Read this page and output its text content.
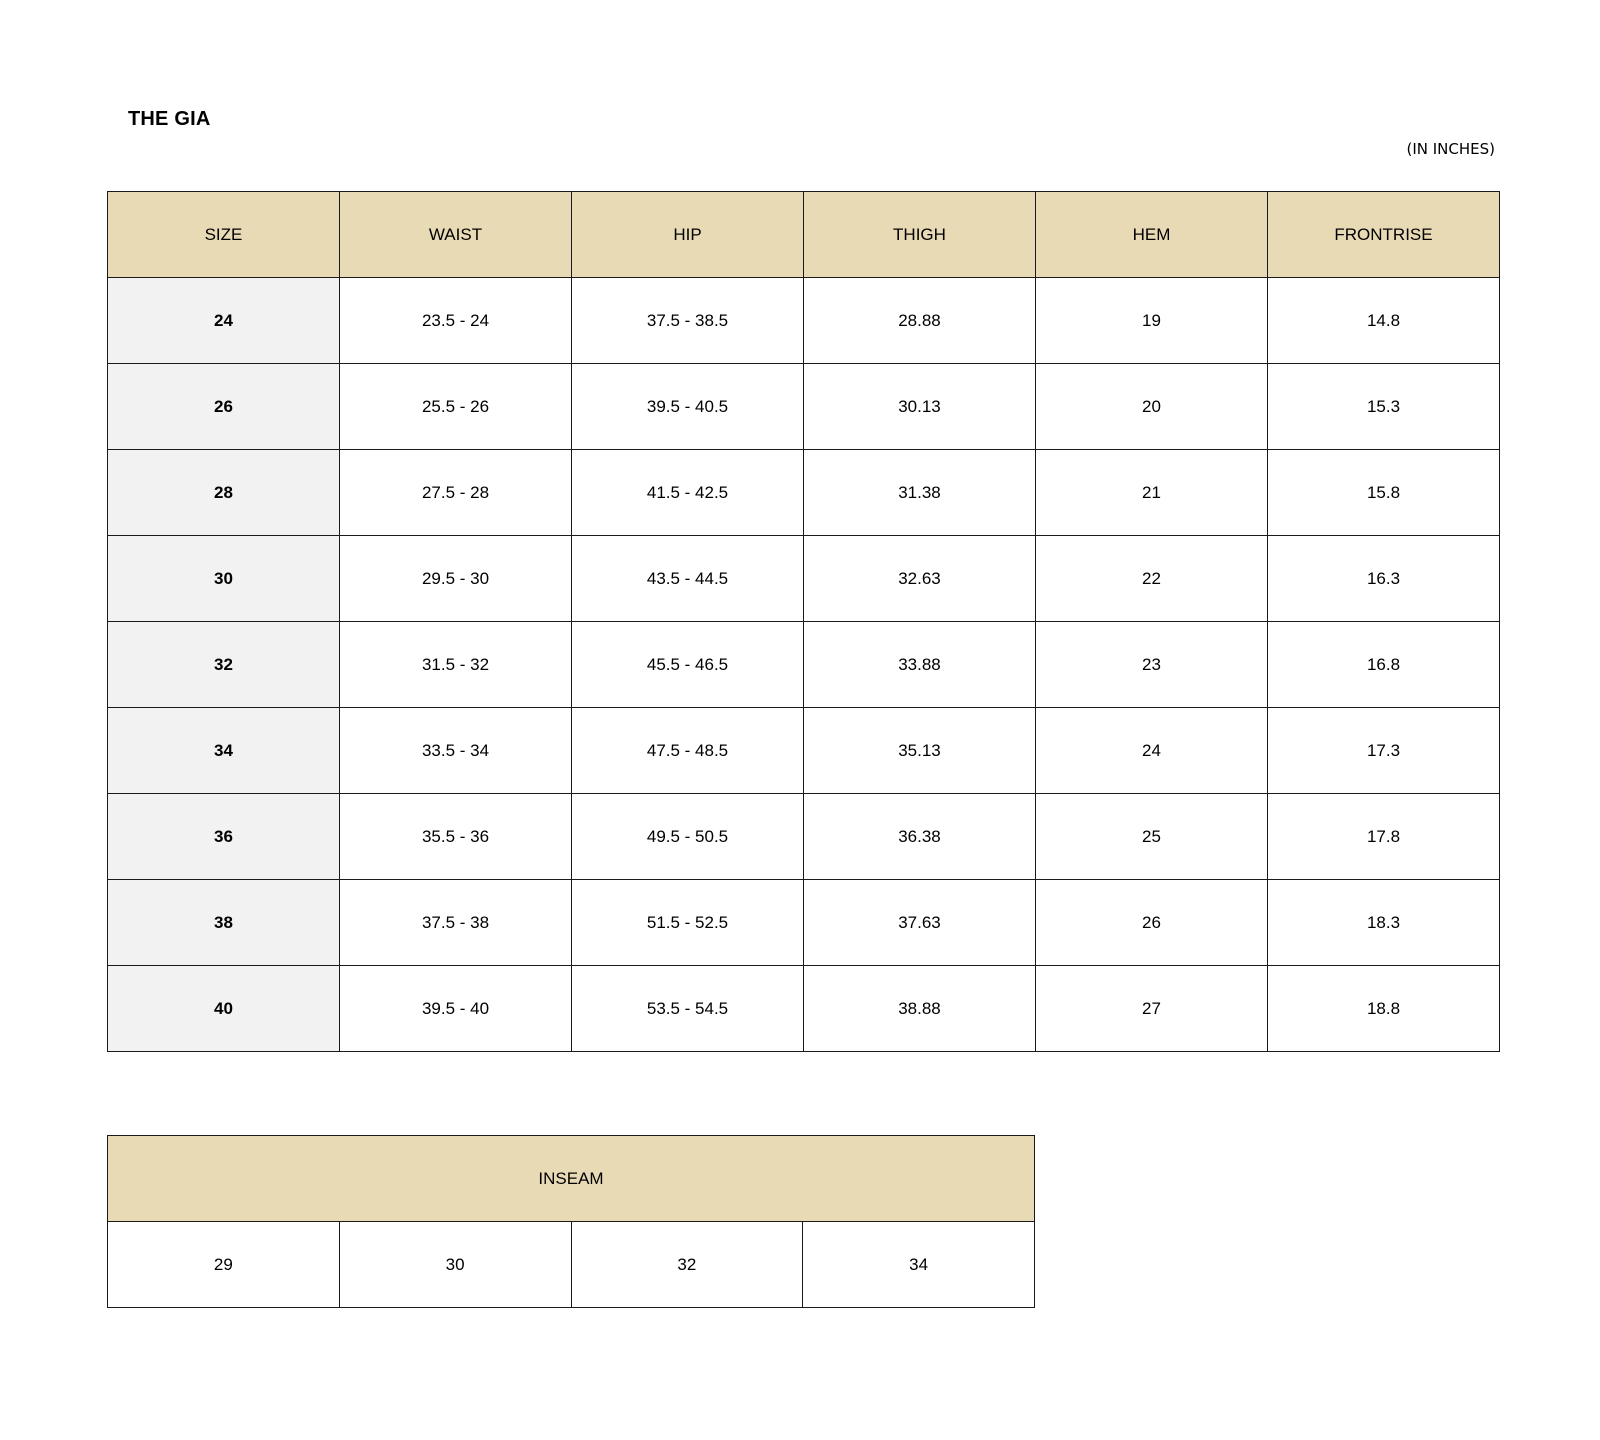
THE GIA
(IN INCHES)
SIZE	WAIST	HIP	THIGH	HEM	FRONTRISE
24	23.5 - 24	37.5 - 38.5	28.88	19	14.8
26	25.5 - 26	39.5 - 40.5	30.13	20	15.3
28	27.5 - 28	41.5 - 42.5	31.38	21	15.8
30	29.5 - 30	43.5 - 44.5	32.63	22	16.3
32	31.5 - 32	45.5 - 46.5	33.88	23	16.8
34	33.5 - 34	47.5 - 48.5	35.13	24	17.3
36	35.5 - 36	49.5 - 50.5	36.38	25	17.8
38	37.5 - 38	51.5 - 52.5	37.63	26	18.3
40	39.5 - 40	53.5 - 54.5	38.88	27	18.8
INSEAM
29	30	32	34
